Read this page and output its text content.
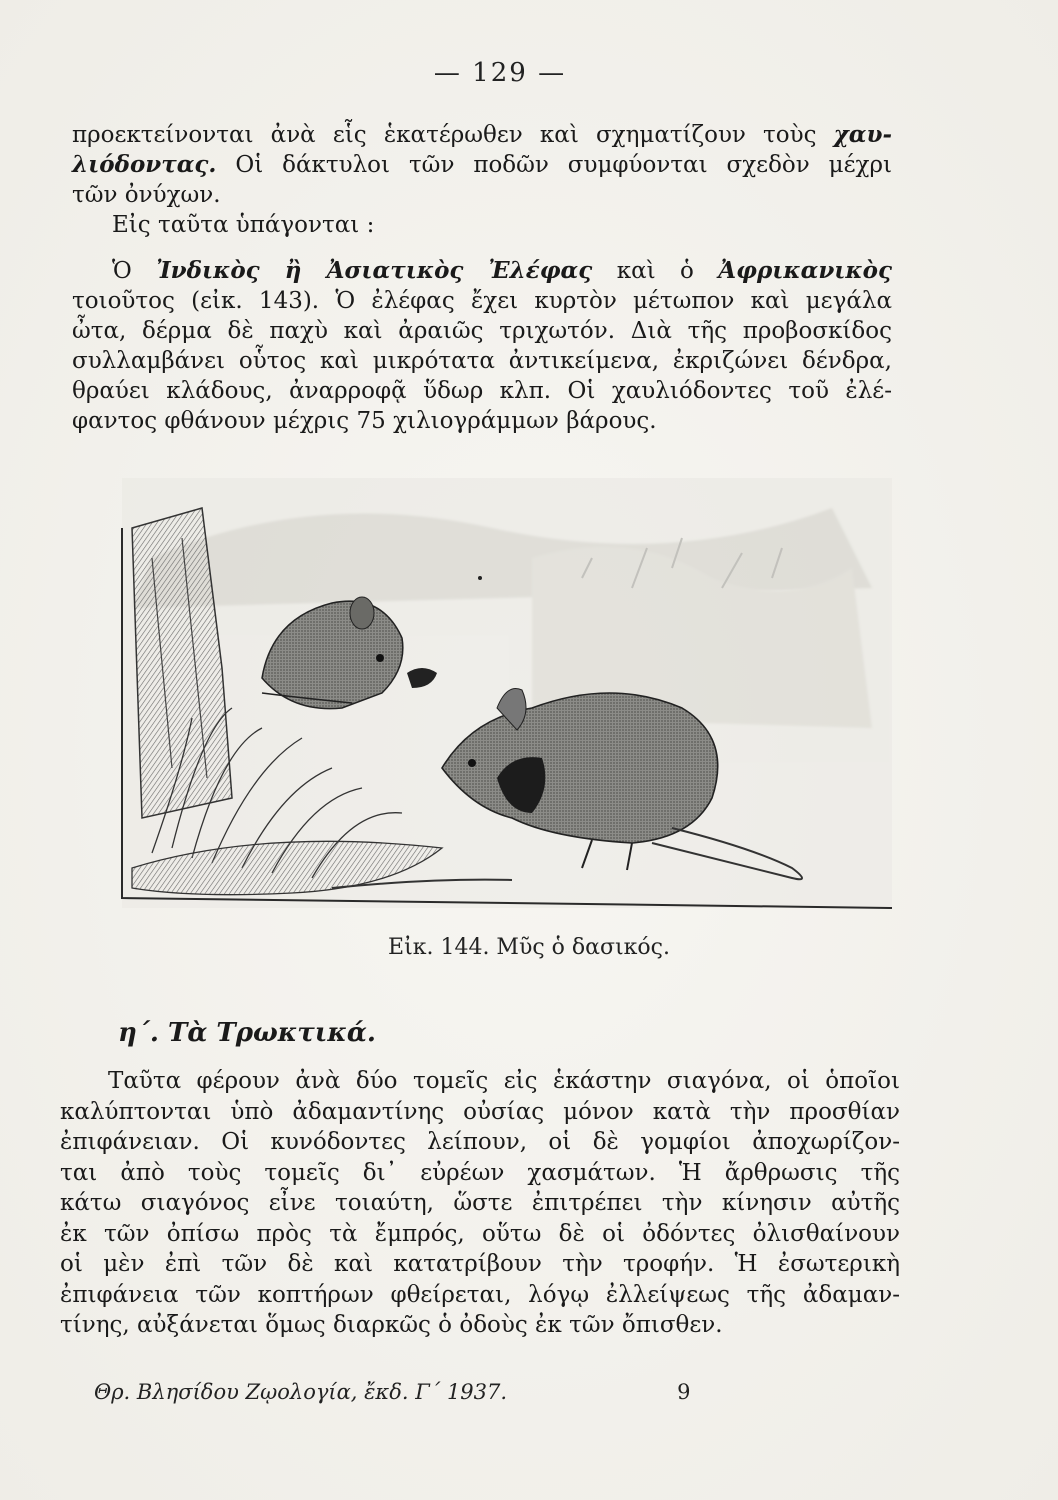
— 129 —
προεκτείνονται ἀνὰ εἷς ἑκατέρωθεν καὶ σχηματίζουν τοὺς χαυ-
λιόδοντας. Οἱ δάκτυλοι τῶν ποδῶν συμφύονται σχεδὸν μέχρι
τῶν ὀνύχων.
Εἰς ταῦτα ὑπάγονται :
Ὁ Ἰνδικὸς ἢ Ἀσιατικὸς Ἐλέφας καὶ ὁ Ἀφρικανικὸς
τοιοῦτος (εἰκ. 143). Ὁ ἐλέφας ἔχει κυρτὸν μέτωπον καὶ μεγάλα
ὦτα, δέρμα δὲ παχὺ καὶ ἀραιῶς τριχωτόν. Διὰ τῆς προβοσκίδος
συλλαμβάνει οὗτος καὶ μικρότατα ἀντικείμενα, ἐκριζώνει δένδρα,
θραύει κλάδους, ἀναρροφᾷ ὕδωρ κλπ. Οἱ χαυλιόδοντες τοῦ ἐλέ-
φαντος φθάνουν μέχρις 75 χιλιογράμμων βάρους.
Εἰκ. 144. Μῦς ὁ δασικός.
η΄. Τὰ Τρωκτικά.
Ταῦτα φέρουν ἀνὰ δύο τομεῖς εἰς ἑκάστην σιαγόνα, οἱ ὁποῖοι
καλύπτονται ὑπὸ ἀδαμαντίνης οὐσίας μόνον κατὰ τὴν προσθίαν
ἐπιφάνειαν. Οἱ κυνόδοντες λείπουν, οἱ δὲ γομφίοι ἀποχωρίζον-
ται ἀπὸ τοὺς τομεῖς δι᾽ εὐρέων χασμάτων. Ἡ ἄρθρωσις τῆς
κάτω σιαγόνος εἶνε τοιαύτη, ὥστε ἐπιτρέπει τὴν κίνησιν αὐτῆς
ἐκ τῶν ὀπίσω πρὸς τὰ ἔμπρός, οὕτω δὲ οἱ ὀδόντες ὀλισθαίνουν
οἱ μὲν ἐπὶ τῶν δὲ καὶ κατατρίβουν τὴν τροφήν. Ἡ ἐσωτερικὴ
ἐπιφάνεια τῶν κοπτήρων φθείρεται, λόγῳ ἐλλείψεως τῆς ἀδαμαν-
τίνης, αὐξάνεται ὅμως διαρκῶς ὁ ὀδοὺς ἐκ τῶν ὄπισθεν.
Θρ. Βλησίδου Ζῳολογία, ἔκδ. Γ΄ 1937.	9
